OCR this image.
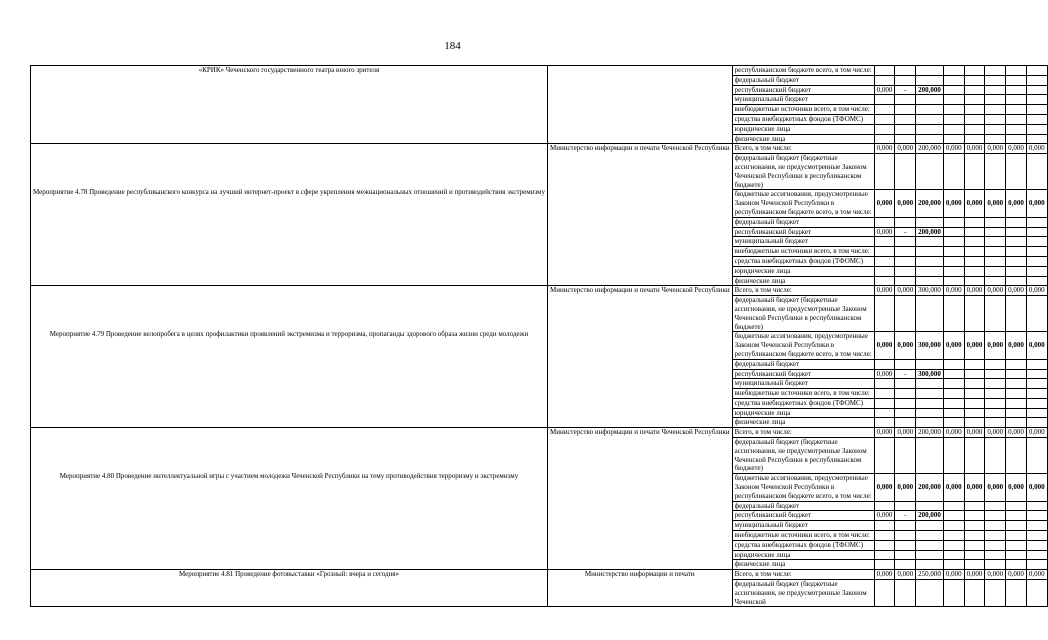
184
«КРИК» Чеченского государственного театра юного зрителя		республиканском бюджете всего, в том числе:								
		федеральный бюджет								
		республиканский бюджет	0,000	-	200,000					
		муниципальный бюджет								
		внебюджетные источники всего, в том числе:								
		средства внебюджетных фондов (ТФОМС)								
		юридические лица								
		физические лица								
Мероприятие 4.78 Проведение республиканского конкурса на лучший интернет-проект в сфере укрепления межнациональных отношений и противодействия экстремизму	Министерство информации и печати Чеченской Республики	Всего, в том числе:	0,000	0,000	200,000	0,000	0,000	0,000	0,000	0,000
		федеральный бюджет (бюджетные ассигнования, не предусмотренные Законом Чеченской Республики в республиканском бюджете)								
		бюджетные ассигнования, предусмотренные Законом Чеченской Республики в республиканском бюджете всего, в том числе:	0,000	0,000	200,000	0,000	0,000	0,000	0,000	0,000
		федеральный бюджет								
		республиканский бюджет	0,000	-	200,000					
		муниципальный бюджет								
		внебюджетные источники всего, в том числе:								
		средства внебюджетных фондов (ТФОМС)								
		юридические лица								
		физические лица								
Мероприятие 4.79 Проведение велопробега в целях профилактики проявлений экстремизма и терроризма, пропаганды здорового образа жизни среди молодежи	Министерство информации и печати Чеченской Республики	Всего, в том числе:	0,000	0,000	300,000	0,000	0,000	0,000	0,000	0,000
		федеральный бюджет (бюджетные ассигнования, не предусмотренные Законом Чеченской Республики в республиканском бюджете)								
		бюджетные ассигнования, предусмотренные Законом Чеченской Республики в республиканском бюджете всего, в том числе:	0,000	0,000	300,000	0,000	0,000	0,000	0,000	0,000
		федеральный бюджет								
		республиканский бюджет	0,000	-	300,000					
		муниципальный бюджет								
		внебюджетные источники всего, в том числе:								
		средства внебюджетных фондов (ТФОМС)								
		юридические лица								
		физические лица								
Мероприятие 4.80 Проведение интеллектуальной игры с участием молодежи Чеченской Республики на тему противодействия терроризму и экстремизму	Министерство информации и печати Чеченской Республики	Всего, в том числе:	0,000	0,000	200,000	0,000	0,000	0,000	0,000	0,000
		федеральный бюджет (бюджетные ассигнования, не предусмотренные Законом Чеченской Республики в республиканском бюджете)								
		бюджетные ассигнования, предусмотренные Законом Чеченской Республики в республиканском бюджете всего, в том числе:	0,000	0,000	200,000	0,000	0,000	0,000	0,000	0,000
		федеральный бюджет								
		республиканский бюджет	0,000	-	200,000					
		муниципальный бюджет								
		внебюджетные источники всего, в том числе:								
		средства внебюджетных фондов (ТФОМС)								
		юридические лица								
		физические лица								
Мероприятие 4.81 Проведение фотовыставки «Грозный: вчера и сегодня»	Министерство информации и печати	Всего, в том числе:	0,000	0,000	250,000	0,000	0,000	0,000	0,000	0,000
		федеральный бюджет (бюджетные ассигнования, не предусмотренные Законом Чеченской								
